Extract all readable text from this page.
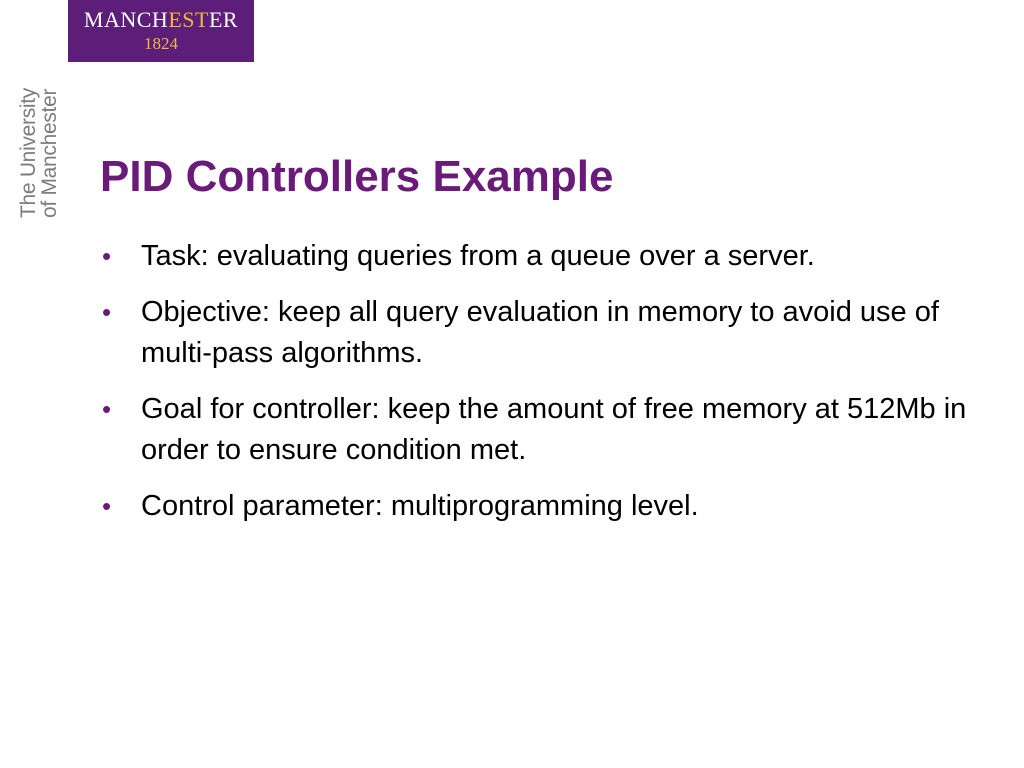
MANCHESTER
1824
The University
of Manchester PID Controllers Example
• Task: evaluating queries from a queue over a server.
• Objective: keep all query evaluation in memory to avoid use of multi-pass algorithms.
• Goal for controller: keep the amount of free memory at 512Mb in order to ensure condition met.
• Control parameter: multiprogramming level.
